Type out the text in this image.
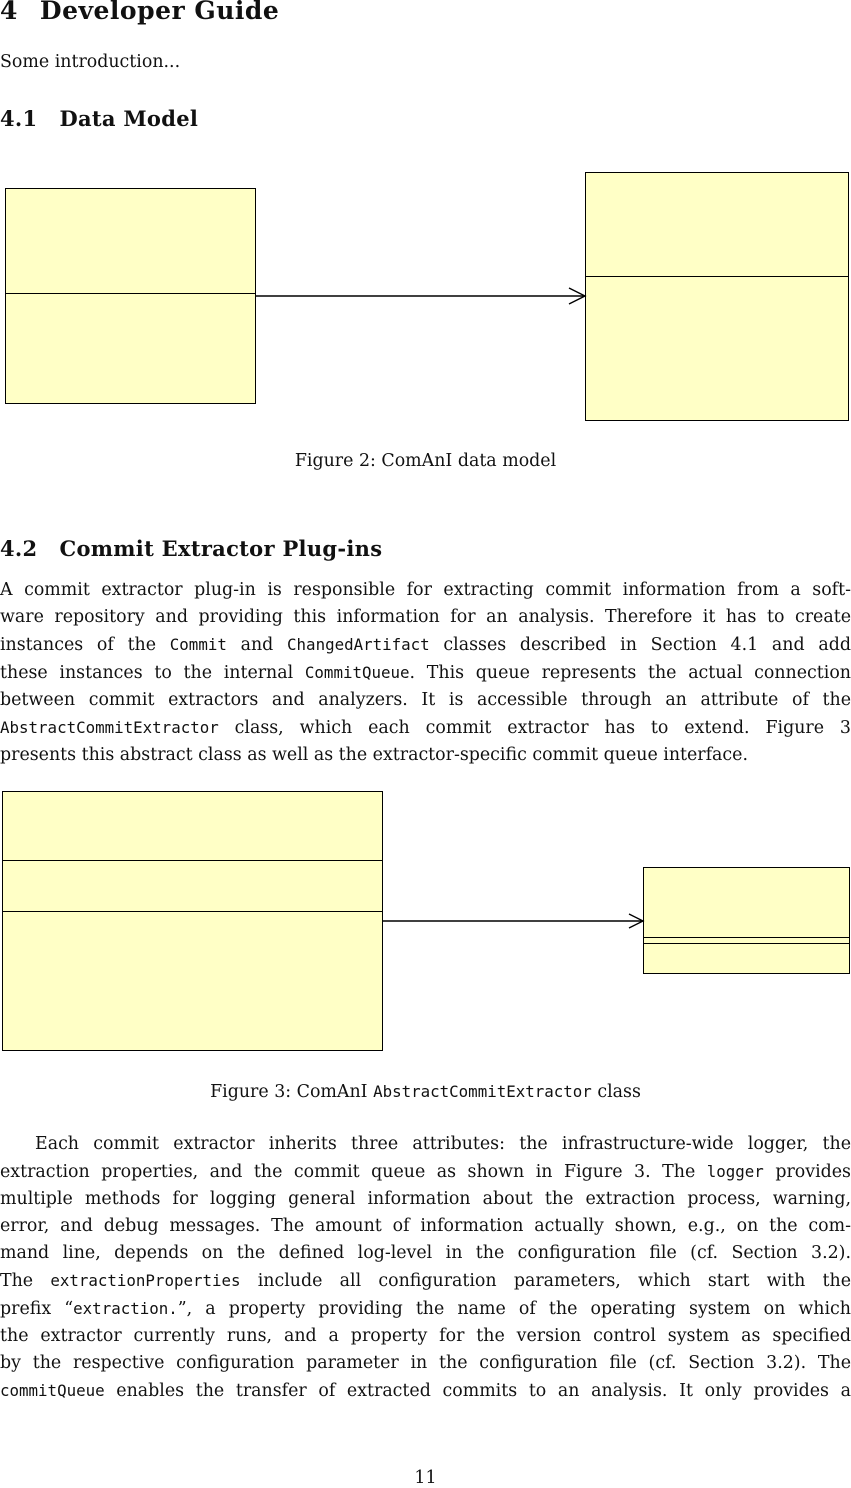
4 Developer Guide
Some introduction...
4.1 Data Model
Figure 2: ComAnI data model
4.2 Commit Extractor Plug-ins
A commit extractor plug-in is responsible for extracting commit information from a soft-
ware repository and providing this information for an analysis. Therefore it has to create
instances of the Commit and ChangedArtifact classes described in Section 4.1 and add
these instances to the internal CommitQueue. This queue represents the actual connection
between commit extractors and analyzers. It is accessible through an attribute of the
AbstractCommitExtractor class, which each commit extractor has to extend. Figure 3
presents this abstract class as well as the extractor-specific commit queue interface.
Figure 3: ComAnI AbstractCommitExtractor class
Each commit extractor inherits three attributes: the infrastructure-wide logger, the
extraction properties, and the commit queue as shown in Figure 3. The logger provides
multiple methods for logging general information about the extraction process, warning,
error, and debug messages. The amount of information actually shown, e.g., on the com-
mand line, depends on the defined log-level in the configuration file (cf. Section 3.2).
The extractionProperties include all configuration parameters, which start with the
prefix “extraction.”, a property providing the name of the operating system on which
the extractor currently runs, and a property for the version control system as specified
by the respective configuration parameter in the configuration file (cf. Section 3.2). The
commitQueue enables the transfer of extracted commits to an analysis. It only provides a
11
